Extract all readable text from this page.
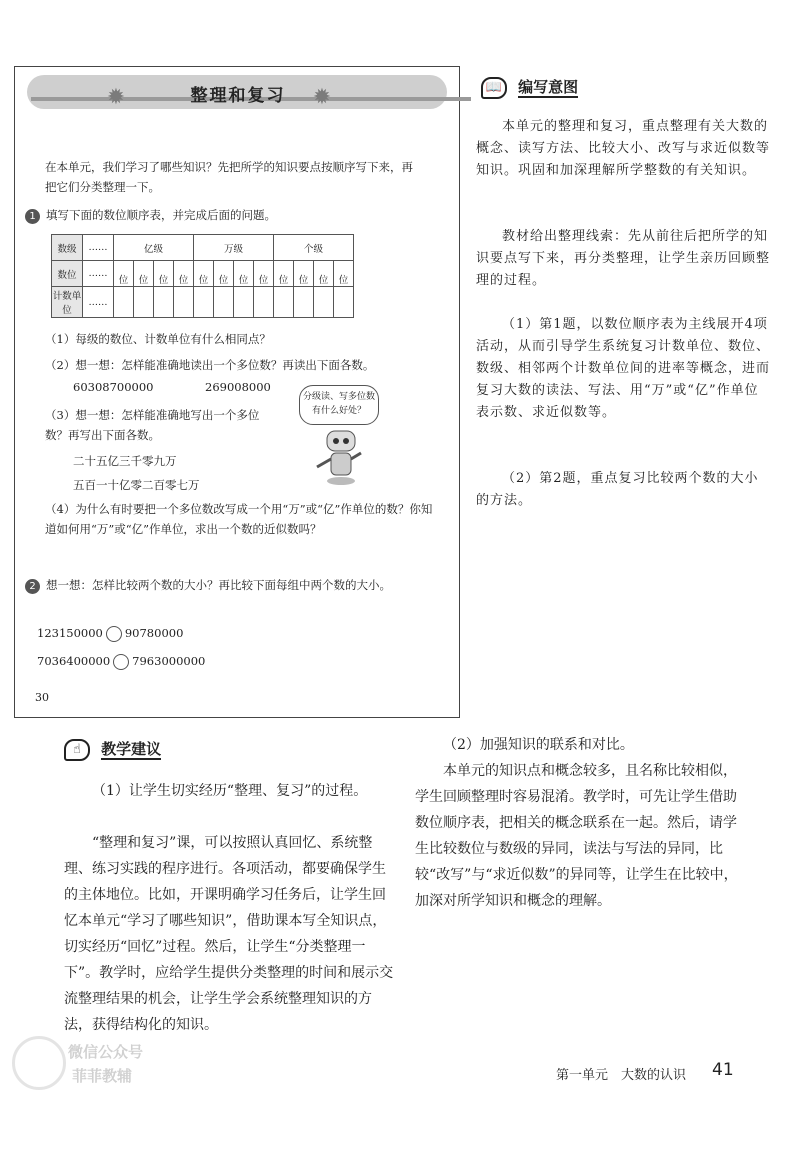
✹	✹
整理和复习
在本单元，我们学习了哪些知识？先把所学的知识要点按顺序写下来，再把它们分类整理一下。
1 填写下面的数位顺序表，并完成后面的问题。
数级	……	亿级				万级				个级			
数位	……	位	位	位	位	位	位	位	位	位	位	位	位
计数单位	……												
（1）每级的数位、计数单位有什么相同点？
（2）想一想：怎样能准确地读出一个多位数？再读出下面各数。
60308700000	269008000
（3）想一想：怎样能准确地写出一个多位数？再写出下面各数。
二十五亿三千零九万
五百一十亿零二百零七万
分级读、写多位数有什么好处？
（4）为什么有时要把一个多位数改写成一个用“万”或“亿”作单位的数？你知道如何用“万”或“亿”作单位，求出一个数的近似数吗？
2 想一想：怎样比较两个数的大小？再比较下面每组中两个数的大小。
123150000 90780000
7036400000 7963000000
30
📖 编写意图
本单元的整理和复习，重点整理有关大数的概念、读写方法、比较大小、改写与求近似数等知识。巩固和加深理解所学整数的有关知识。
教材给出整理线索：先从前往后把所学的知识要点写下来，再分类整理，让学生亲历回顾整理的过程。
（1）第1题，以数位顺序表为主线展开4项活动，从而引导学生系统复习计数单位、数位、数级、相邻两个计数单位间的进率等概念，进而复习大数的读法、写法、用“万”或“亿”作单位表示数、求近似数等。
（2）第2题，重点复习比较两个数的大小的方法。
☝ 教学建议
（1）让学生切实经历“整理、复习”的过程。
“整理和复习”课，可以按照认真回忆、系统整理、练习实践的程序进行。各项活动，都要确保学生的主体地位。比如，开课明确学习任务后，让学生回忆本单元“学习了哪些知识”，借助课本写全知识点，切实经历“回忆”过程。然后，让学生“分类整理一下”。教学时，应给学生提供分类整理的时间和展示交流整理结果的机会，让学生学会系统整理知识的方法，获得结构化的知识。
（2）加强知识的联系和对比。
本单元的知识点和概念较多，且名称比较相似，学生回顾整理时容易混淆。教学时，可先让学生借助数位顺序表，把相关的概念联系在一起。然后，请学生比较数位与数级的异同，读法与写法的异同，比较“改写”与“求近似数”的异同等，让学生在比较中，加深对所学知识和概念的理解。
微信公众号
菲菲教辅	第一单元　大数的认识 41
